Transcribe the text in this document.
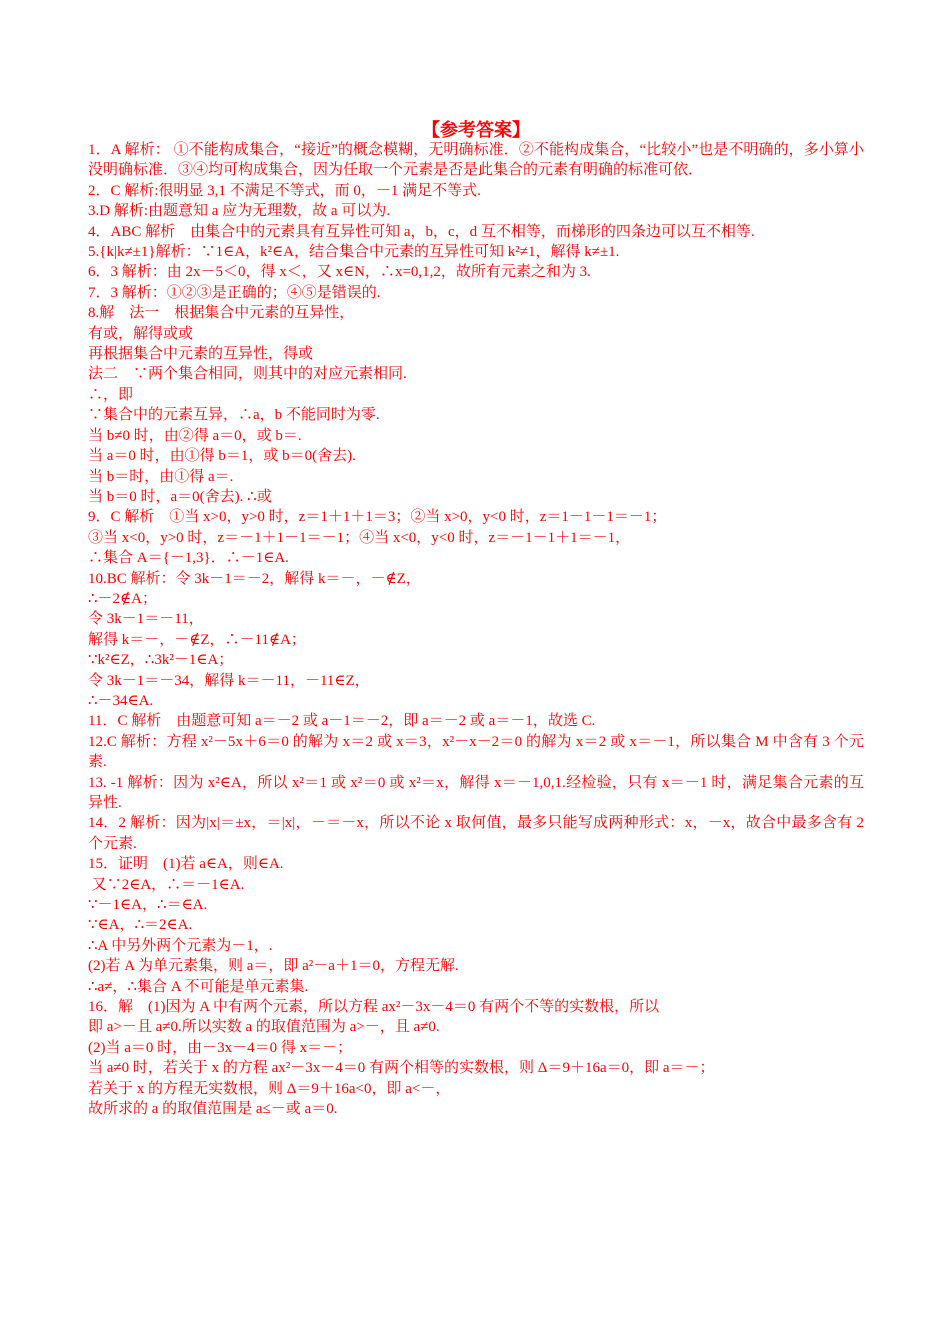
【参考答案】
1．A 解析： ①不能构成集合，“接近”的概念模糊，无明确标准．②不能构成集合，“比较小”也是不明确的，多小算小没明确标准．③④均可构成集合，因为任取一个元素是否是此集合的元素有明确的标准可依．
2．C 解析:很明显 3,1 不满足不等式，而 0，－1 满足不等式.
3.D 解析:由题意知 a 应为无理数，故 a 可以为.
4．ABC 解析　由集合中的元素具有互异性可知 a，b，c，d 互不相等，而梯形的四条边可以互不相等.
5.{k|k≠±1}解析：∵1∈A，k²∈A，结合集合中元素的互异性可知 k²≠1，解得 k≠±1.
6．3 解析：由 2x－5＜0，得 x＜，又 x∈N，∴x=0,1,2，故所有元素之和为 3.
7．3 解析：①②③是正确的；④⑤是错误的.
8.解　法一　根据集合中元素的互异性，
有或，解得或或
再根据集合中元素的互异性，得或
法二　∵两个集合相同，则其中的对应元素相同.
∴，即
∵集合中的元素互异，∴a，b 不能同时为零.
当 b≠0 时，由②得 a＝0，或 b＝.
当 a＝0 时，由①得 b＝1，或 b＝0(舍去).
当 b＝时，由①得 a＝.
当 b＝0 时，a＝0(舍去). ∴或
9．C 解析　①当 x>0，y>0 时，z＝1＋1＋1＝3；②当 x>0，y<0 时，z＝1－1－1＝－1；
③当 x<0，y>0 时，z＝－1＋1－1＝－1；④当 x<0，y<0 时，z＝－1－1＋1＝－1，
∴集合 A＝{－1,3}．∴－1∈A.
10.BC 解析：令 3k－1＝－2，解得 k＝－，－∉Z，
∴－2∉A；
令 3k－1＝－11，
解得 k＝－，－∉Z，∴－11∉A；
∵k²∈Z，∴3k²－1∈A；
令 3k－1＝－34，解得 k＝－11，－11∈Z，
∴－34∈A.
11．C 解析　由题意可知 a＝－2 或 a－1＝－2，即 a＝－2 或 a＝－1，故选 C.
12.C 解析：方程 x²－5x＋6＝0 的解为 x＝2 或 x＝3，x²－x－2＝0 的解为 x＝2 或 x＝－1，所以集合 M 中含有 3 个元素.
13. -1 解析：因为 x²∈A，所以 x²＝1 或 x²＝0 或 x²＝x，解得 x＝－1,0,1.经检验，只有 x＝－1 时，满足集合元素的互异性.
14．2 解析：因为|x|＝±x，＝|x|，－＝－x，所以不论 x 取何值，最多只能写成两种形式：x，－x，故合中最多含有 2 个元素.
15．证明　(1)若 a∈A，则∈A.
又∵2∈A，∴＝－1∈A.
∵－1∈A，∴＝∈A.
∵∈A，∴＝2∈A.
∴A 中另外两个元素为－1，.
(2)若 A 为单元素集，则 a＝，即 a²－a＋1＝0，方程无解.
∴a≠，∴集合 A 不可能是单元素集.
16．解　(1)因为 A 中有两个元素，所以方程 ax²－3x－4＝0 有两个不等的实数根，所以
即 a>－且 a≠0.所以实数 a 的取值范围为 a>－，且 a≠0.
(2)当 a＝0 时，由－3x－4＝0 得 x＝－；
当 a≠0 时，若关于 x 的方程 ax²－3x－4＝0 有两个相等的实数根，则 Δ＝9＋16a＝0，即 a＝－；
若关于 x 的方程无实数根，则 Δ＝9＋16a<0，即 a<－，
故所求的 a 的取值范围是 a≤－或 a＝0.
